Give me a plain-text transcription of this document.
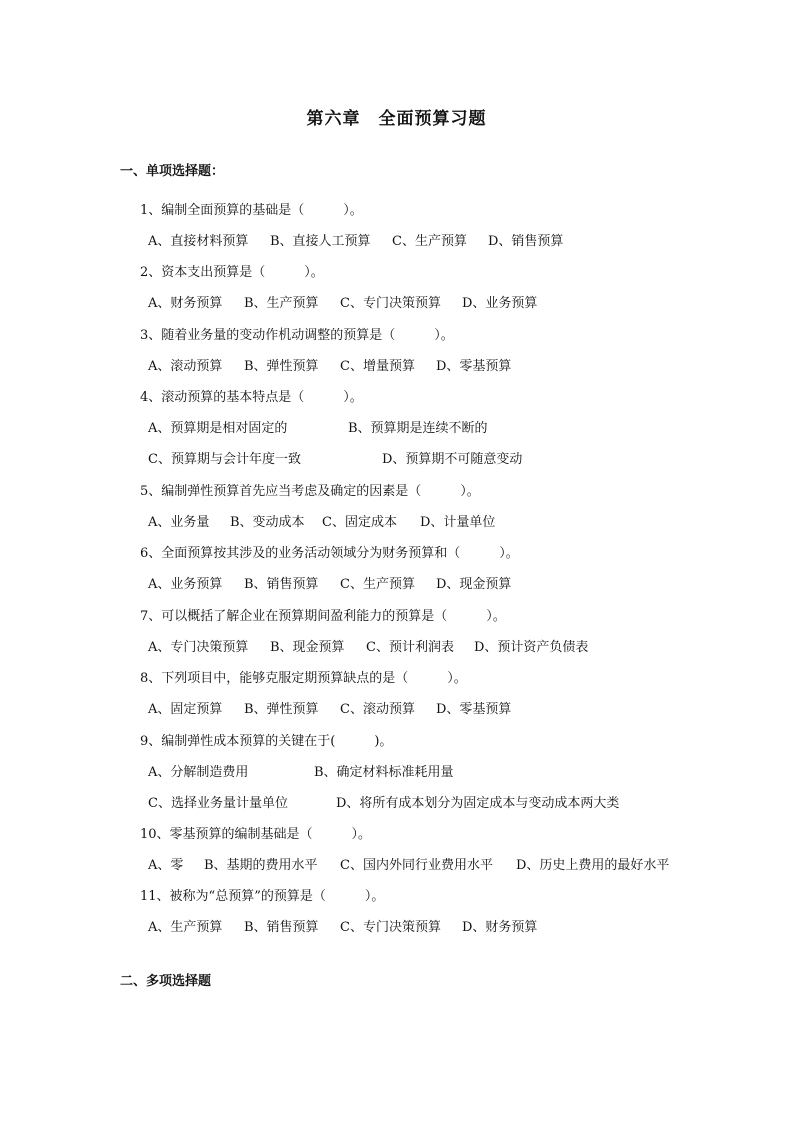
第六章　全面预算习题
一、单项选择题：
1、编制全面预算的基础是（　　　）。
A、直接材料预算 B、直接人工预算 C、生产预算 D、销售预算
2、资本支出预算是（　　　）。
A、财务预算 B、生产预算 C、专门决策预算 D、业务预算
3、随着业务量的变动作机动调整的预算是（　　　）。
A、滚动预算 B、弹性预算 C、增量预算 D、零基预算
4、滚动预算的基本特点是（　　　）。
A、预算期是相对固定的	B、预算期是连续不断的
C、预算期与会计年度一致	D、预算期不可随意变动
5、编制弹性预算首先应当考虑及确定的因素是（　　　）。
A、业务量 B、变动成本 C、固定成本 D、计量单位
6、全面预算按其涉及的业务活动领域分为财务预算和（　　　）。
A、业务预算 B、销售预算 C、生产预算 D、现金预算
7、可以概括了解企业在预算期间盈利能力的预算是（　　　）。
A、专门决策预算 B、现金预算 C、预计利润表 D、预计资产负债表
8、下列项目中，能够克服定期预算缺点的是（　　　）。
A、固定预算 B、弹性预算 C、滚动预算 D、零基预算
9、编制弹性成本预算的关键在于(　　　)。
A、分解制造费用	B、确定材料标准耗用量
C、选择业务量计量单位	D、将所有成本划分为固定成本与变动成本两大类
10、零基预算的编制基础是（　　　）。
A、零 B、基期的费用水平 C、国内外同行业费用水平 D、历史上费用的最好水平
11、被称为“总预算”的预算是（　　　）。
A、生产预算 B、销售预算 C、专门决策预算 D、财务预算
二、多项选择题
